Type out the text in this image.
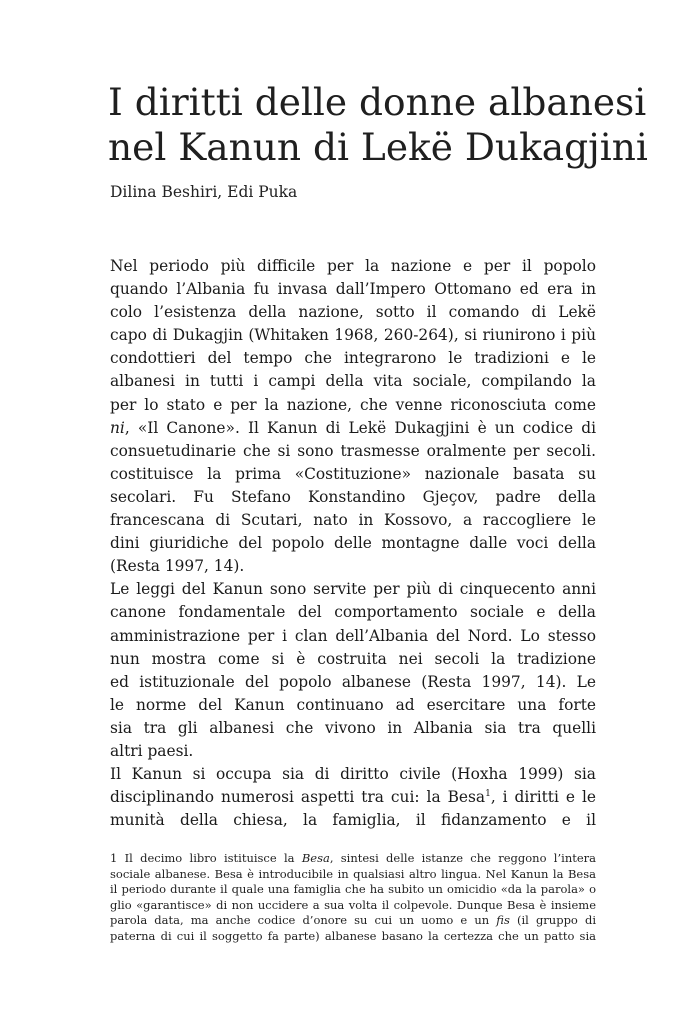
I diritti delle donne albanesi
nel Kanun di Lekë Dukagjini
Dilina Beshiri, Edi Puka
Nel periodo più difficile per la nazione e per il popolo
quando l’Albania fu invasa dall’Impero Ottomano ed era in
colo l’esistenza della nazione, sotto il comando di Lekë
capo di Dukagjin (Whitaken 1968, 260-264), si riunirono i più
condottieri del tempo che integrarono le tradizioni e le
albanesi in tutti i campi della vita sociale, compilando la
per lo stato e per la nazione, che venne riconosciuta come
ni, «Il Canone». Il Kanun di Lekë Dukagjini è un codice di
consuetudinarie che si sono trasmesse oralmente per secoli.
costituisce la prima «Costituzione» nazionale basata su
secolari. Fu Stefano Konstandino Gjeçov, padre della
francescana di Scutari, nato in Kossovo, a raccogliere le
dini giuridiche del popolo delle montagne dalle voci della
(Resta 1997, 14).
Le leggi del Kanun sono servite per più di cinquecento anni
canone fondamentale del comportamento sociale e della
amministrazione per i clan dell’Albania del Nord. Lo stesso
nun mostra come si è costruita nei secoli la tradizione
ed istituzionale del popolo albanese (Resta 1997, 14). Le
le norme del Kanun continuano ad esercitare una forte
sia tra gli albanesi che vivono in Albania sia tra quelli
altri paesi.
Il Kanun si occupa sia di diritto civile (Hoxha 1999) sia
disciplinando numerosi aspetti tra cui: la Besa$^1$, i diritti e le
munità della chiesa, la famiglia, il fidanzamento e il
1 Il decimo libro istituisce la Besa, sintesi delle istanze che reggono l’intera
sociale albanese. Besa è introducibile in qualsiasi altro lingua. Nel Kanun la Besa
il periodo durante il quale una famiglia che ha subito un omicidio «da la parola» o
glio «garantisce» di non uccidere a sua volta il colpevole. Dunque Besa è insieme
parola data, ma anche codice d’onore su cui un uomo e un fis (il gruppo di
paterna di cui il soggetto fa parte) albanese basano la certezza che un patto sia
